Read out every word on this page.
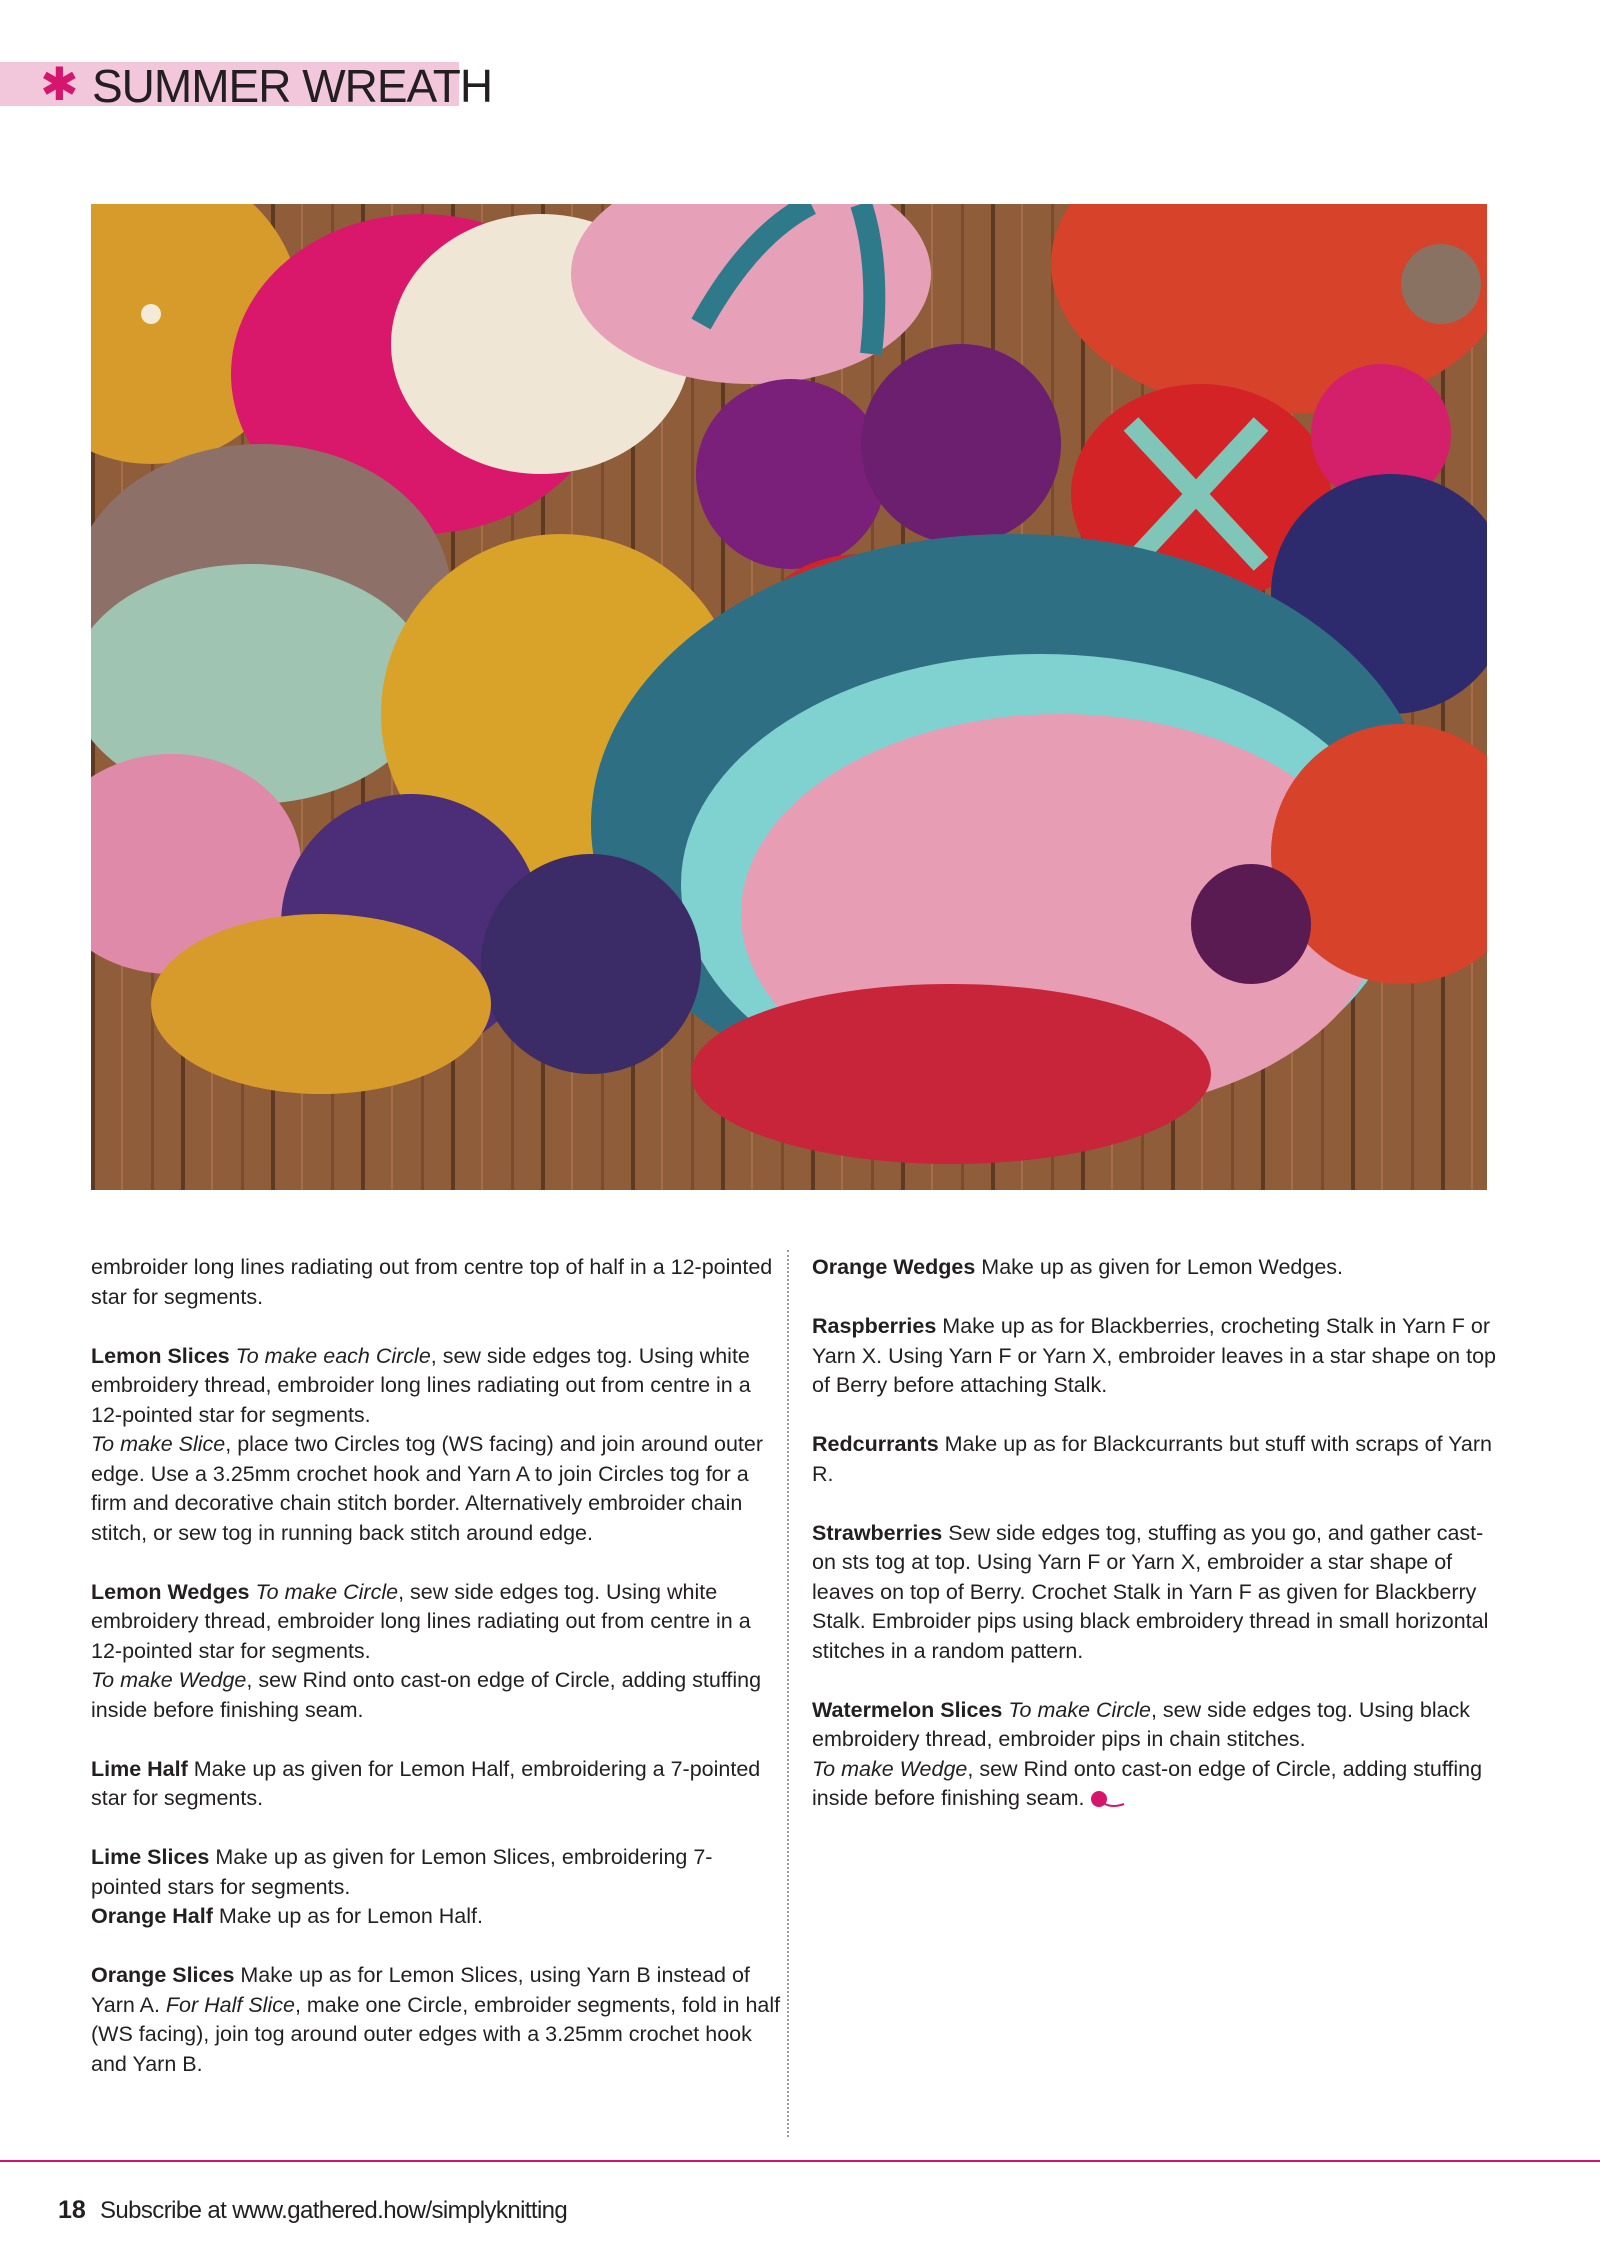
✱ SUMMER WREATH

embroider long lines radiating out from centre top of half in a 12-pointed star for segments.

Lemon Slices To make each Circle, sew side edges tog. Using white embroidery thread, embroider long lines radiating out from centre in a 12-pointed star for segments.
To make Slice, place two Circles tog (WS facing) and join around outer edge. Use a 3.25mm crochet hook and Yarn A to join Circles tog for a firm and decorative chain stitch border. Alternatively embroider chain stitch, or sew tog in running back stitch around edge.

Lemon Wedges To make Circle, sew side edges tog. Using white embroidery thread, embroider long lines radiating out from centre in a 12-pointed star for segments.
To make Wedge, sew Rind onto cast-on edge of Circle, adding stuffing inside before finishing seam.

Lime Half Make up as given for Lemon Half, embroidering a 7-pointed star for segments.

Lime Slices Make up as given for Lemon Slices, embroidering 7-pointed stars for segments.

Orange Half Make up as for Lemon Half.

Orange Slices Make up as for Lemon Slices, using Yarn B instead of Yarn A. For Half Slice, make one Circle, embroider segments, fold in half (WS facing), join tog around outer edges with a 3.25mm crochet hook and Yarn B.

Orange Wedges Make up as given for Lemon Wedges.

Raspberries Make up as for Blackberries, crocheting Stalk in Yarn F or Yarn X. Using Yarn F or Yarn X, embroider leaves in a star shape on top of Berry before attaching Stalk.

Redcurrants Make up as for Blackcurrants but stuff with scraps of Yarn R.

Strawberries Sew side edges tog, stuffing as you go, and gather cast-on sts tog at top. Using Yarn F or Yarn X, embroider a star shape of leaves on top of Berry. Crochet Stalk in Yarn F as given for Blackberry Stalk. Embroider pips using black embroidery thread in small horizontal stitches in a random pattern.

Watermelon Slices To make Circle, sew side edges tog. Using black embroidery thread, embroider pips in chain stitches.
To make Wedge, sew Rind onto cast-on edge of Circle, adding stuffing inside before finishing seam.

18 Subscribe at www.gathered.how/simplyknitting
